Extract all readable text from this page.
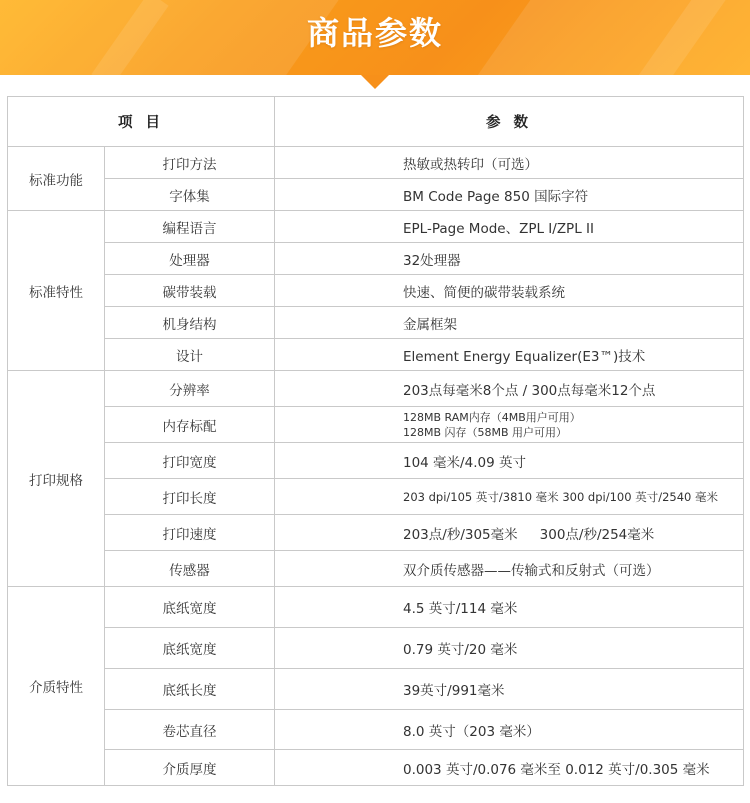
商品参数
项 目		参 数
标准功能	打印方法	热敏或热转印（可选）
	字体集	BM Code Page 850 国际字符
标准特性	编程语言	EPL-Page Mode、ZPL I/ZPL II
	处理器	32处理器
	碳带装载	快速、简便的碳带装载系统
	机身结构	金属框架
	设计	Element Energy Equalizer(E3™)技术
打印规格	分辨率	203点每毫米8个点 / 300点每毫米12个点
	内存标配	128MB RAM内存（4MB用户可用）
128MB 闪存（58MB 用户可用）

	打印宽度	104 毫米/4.09 英寸
	打印长度	203 dpi/105 英寸/3810 毫米 300 dpi/100 英寸/2540 毫米
	打印速度	203点/秒/305毫米 300点/秒/254毫米
	传感器	双介质传感器——传输式和反射式（可选）
介质特性	底纸宽度	4.5 英寸/114 毫米
	底纸宽度	0.79 英寸/20 毫米
	底纸长度	39英寸/991毫米
	卷芯直径	8.0 英寸（203 毫米）
	介质厚度	0.003 英寸/0.076 毫米至 0.012 英寸/0.305 毫米
